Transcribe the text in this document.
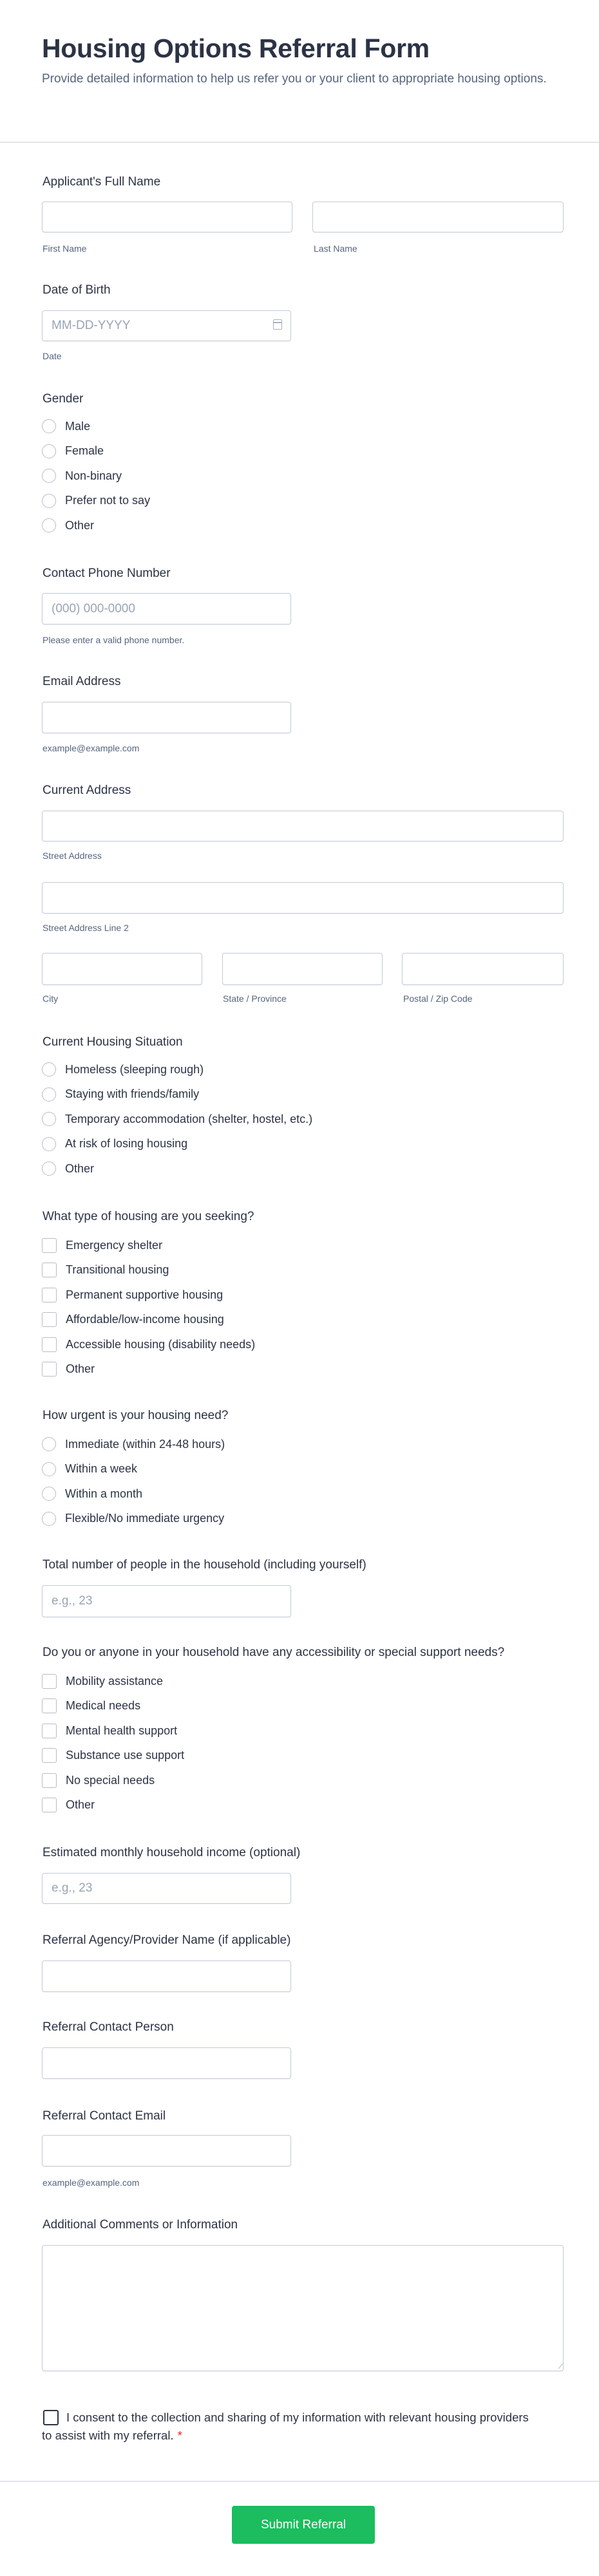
Housing Options Referral Form
Provide detailed information to help us refer you or your client to appropriate housing options.
Applicant's Full Name
First Name	Last Name
Date of Birth
MM-DD-YYYY
Date
Gender
Male
Female
Non-binary
Prefer not to say
Other
Contact Phone Number
(000) 000-0000
Please enter a valid phone number.
Email Address
example@example.com
Current Address
Street Address
Street Address Line 2
City	State / Province	Postal / Zip Code
Current Housing Situation
Homeless (sleeping rough)
Staying with friends/family
Temporary accommodation (shelter, hostel, etc.)
At risk of losing housing
Other
What type of housing are you seeking?
Emergency shelter
Transitional housing
Permanent supportive housing
Affordable/low-income housing
Accessible housing (disability needs)
Other
How urgent is your housing need?
Immediate (within 24-48 hours)
Within a week
Within a month
Flexible/No immediate urgency
Total number of people in the household (including yourself)
e.g., 23
Do you or anyone in your household have any accessibility or special support needs?
Mobility assistance
Medical needs
Mental health support
Substance use support
No special needs
Other
Estimated monthly household income (optional)
e.g., 23
Referral Agency/Provider Name (if applicable)
Referral Contact Person
Referral Contact Email
example@example.com
Additional Comments or Information
I consent to the collection and sharing of my information with relevant housing providers to assist with my referral. *
Submit Referral
